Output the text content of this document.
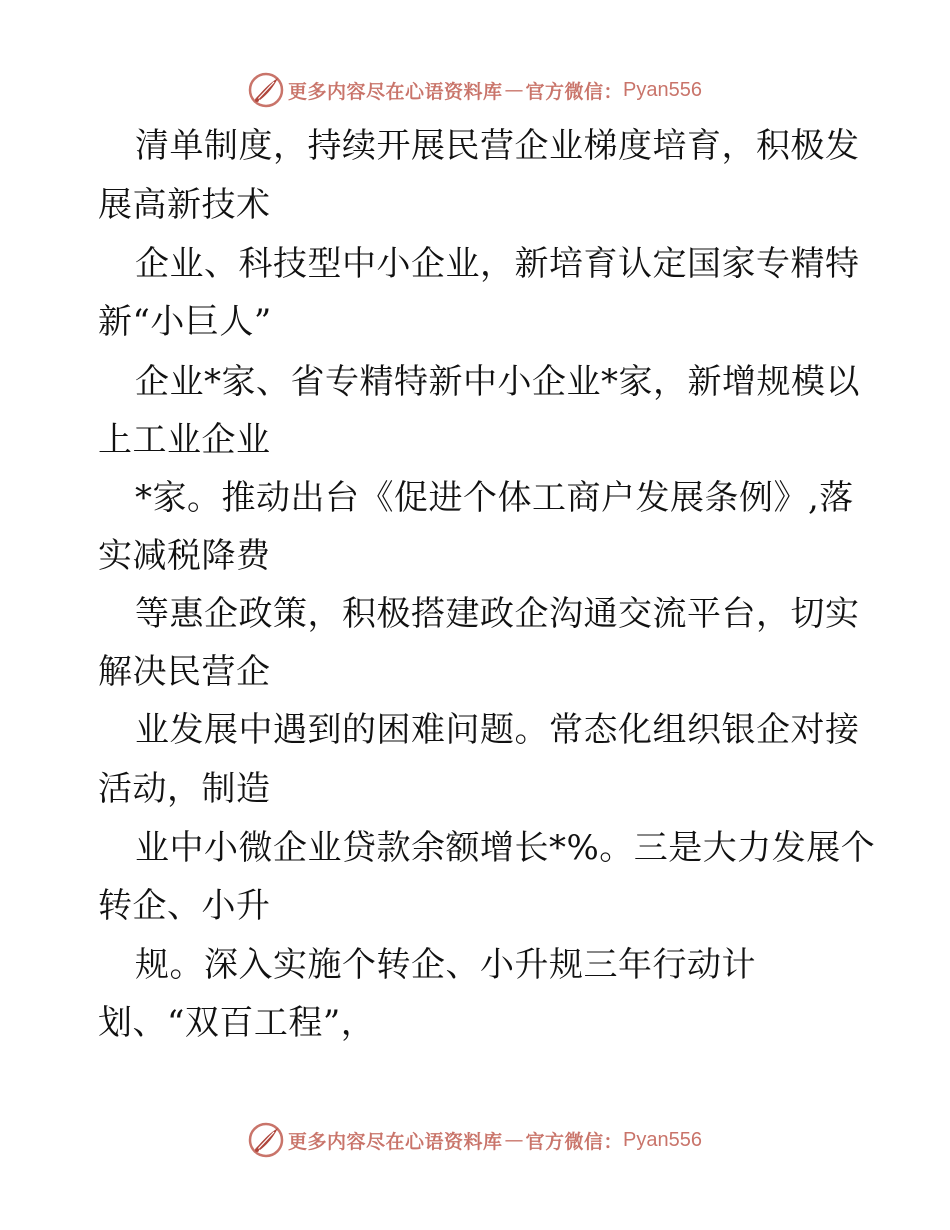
更多内容尽在心语资料库 — 官方微信： Pyan556
清单制度，持续开展民营企业梯度培育，积极发
展高新技术
企业、科技型中小企业，新培育认定国家专精特
新“小巨人”
企业*家、省专精特新中小企业*家，新增规模以
上工业企业
*家。推动出台《促进个体工商户发展条例》,落
实减税降费
等惠企政策，积极搭建政企沟通交流平台，切实
解决民营企
业发展中遇到的困难问题。常态化组织银企对接
活动，制造
业中小微企业贷款余额增长*%。三是大力发展个
转企、小升
规。深入实施个转企、小升规三年行动计
划、“双百工程”，
更多内容尽在心语资料库 — 官方微信： Pyan556
